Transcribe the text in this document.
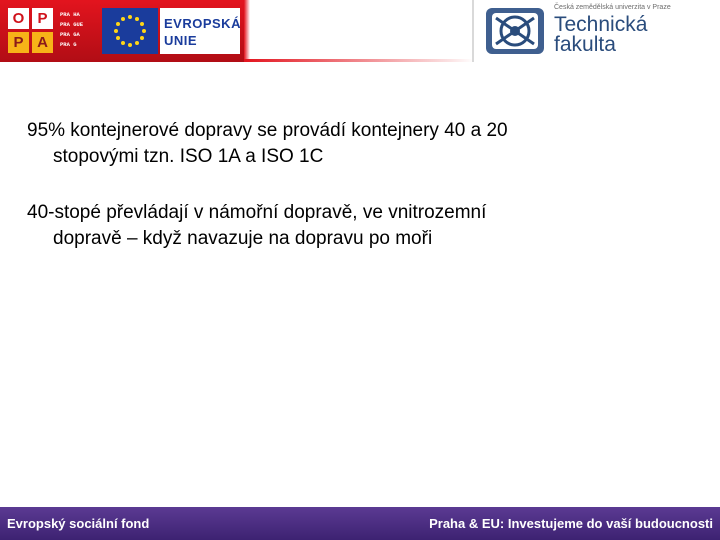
O P
P A
PRA HA
PRA GUE
PRA GA
PRA G
EVROPSKÁ
UNIE
Česká zemědělská univerzita v Praze
Technická
fakulta

95% kontejnerové dopravy se provádí kontejnery 40 a 20
stopovými tzn. ISO 1A a ISO 1C

40-stopé převládají v námořní dopravě, ve vnitrozemní
dopravě – když navazuje na dopravu po moři

Evropský sociální fond	Praha & EU: Investujeme do vaší budoucnosti
